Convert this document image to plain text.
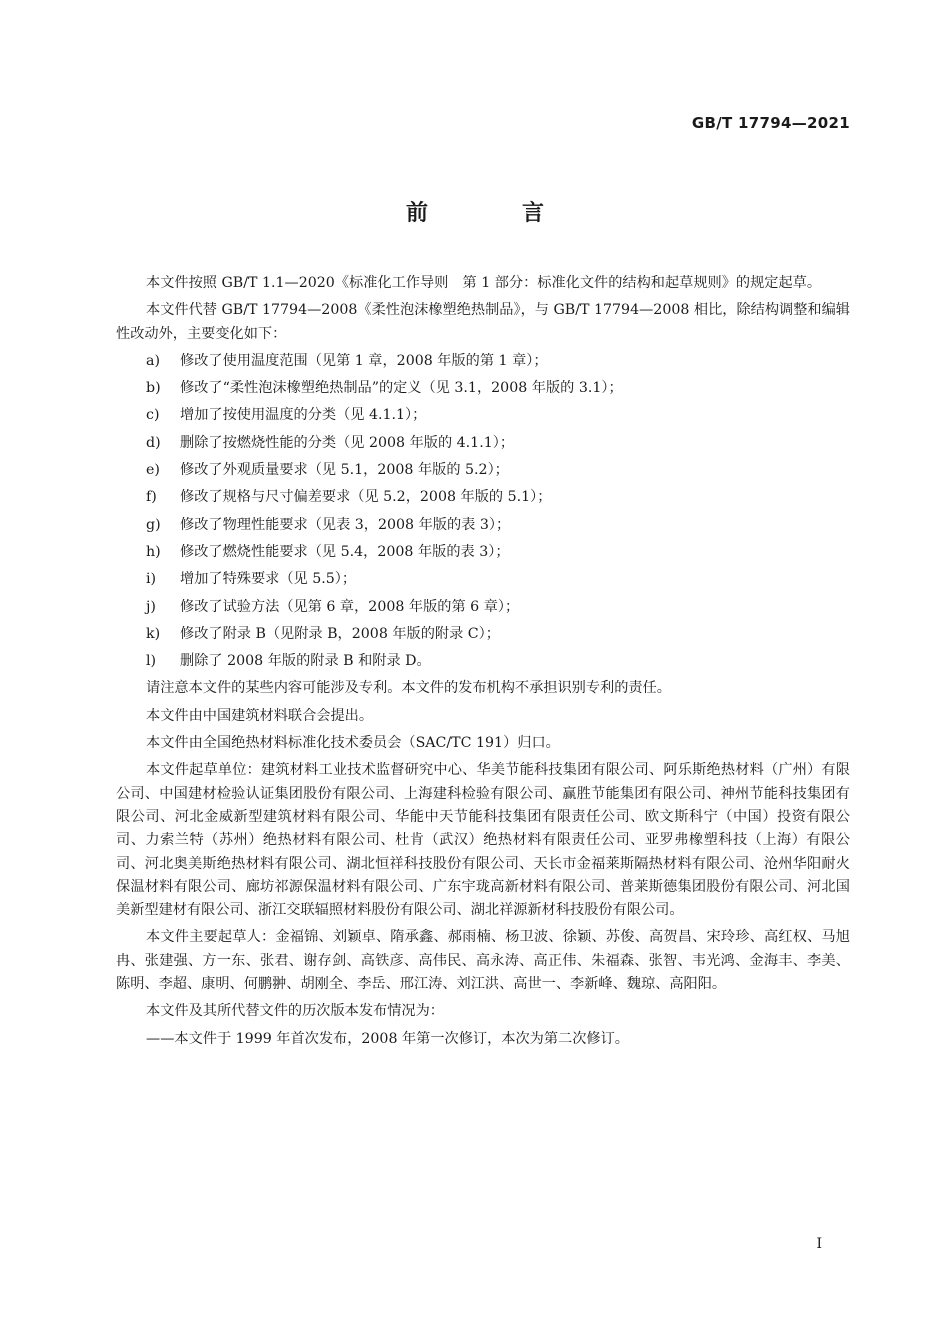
GB/T 17794—2021
前　言

本文件按照 GB/T 1.1—2020《标准化工作导则　第 1 部分：标准化文件的结构和起草规则》的规定起草。

本文件代替 GB/T 17794—2008《柔性泡沫橡塑绝热制品》，与 GB/T 17794—2008 相比，除结构调整和编辑性改动外，主要变化如下：

a) 修改了使用温度范围（见第 1 章，2008 年版的第 1 章）；

b) 修改了“柔性泡沫橡塑绝热制品”的定义（见 3.1，2008 年版的 3.1）；

c) 增加了按使用温度的分类（见 4.1.1）；

d) 删除了按燃烧性能的分类（见 2008 年版的 4.1.1）；

e) 修改了外观质量要求（见 5.1，2008 年版的 5.2）；

f) 修改了规格与尺寸偏差要求（见 5.2，2008 年版的 5.1）；

g) 修改了物理性能要求（见表 3，2008 年版的表 3）；

h) 修改了燃烧性能要求（见 5.4，2008 年版的表 3）；

i) 增加了特殊要求（见 5.5）；

j) 修改了试验方法（见第 6 章，2008 年版的第 6 章）；

k) 修改了附录 B（见附录 B，2008 年版的附录 C）；

l) 删除了 2008 年版的附录 B 和附录 D。

请注意本文件的某些内容可能涉及专利。本文件的发布机构不承担识别专利的责任。

本文件由中国建筑材料联合会提出。

本文件由全国绝热材料标准化技术委员会（SAC/TC 191）归口。

本文件起草单位：建筑材料工业技术监督研究中心、华美节能科技集团有限公司、阿乐斯绝热材料（广州）有限公司、中国建材检验认证集团股份有限公司、上海建科检验有限公司、赢胜节能集团有限公司、神州节能科技集团有限公司、河北金威新型建筑材料有限公司、华能中天节能科技集团有限责任公司、欧文斯科宁（中国）投资有限公司、力索兰特（苏州）绝热材料有限公司、杜肯（武汉）绝热材料有限责任公司、亚罗弗橡塑科技（上海）有限公司、河北奥美斯绝热材料有限公司、湖北恒祥科技股份有限公司、天长市金福莱斯隔热材料有限公司、沧州华阳耐火保温材料有限公司、廊坊祁源保温材料有限公司、广东宇珑高新材料有限公司、普莱斯德集团股份有限公司、河北国美新型建材有限公司、浙江交联辐照材料股份有限公司、湖北祥源新材科技股份有限公司。

本文件主要起草人：金福锦、刘颖卓、隋承鑫、郝雨楠、杨卫波、徐颖、苏俊、高贺昌、宋玲珍、高红权、马旭冉、张建强、方一东、张君、谢存剑、高铁彦、高伟民、高永涛、高正伟、朱福森、张智、韦光鸿、金海丰、李美、陈明、李超、康明、何鹏翀、胡刚全、李岳、邢江涛、刘江洪、高世一、李新峰、魏琼、高阳阳。

本文件及其所代替文件的历次版本发布情况为：

——本文件于 1999 年首次发布，2008 年第一次修订，本次为第二次修订。

I
